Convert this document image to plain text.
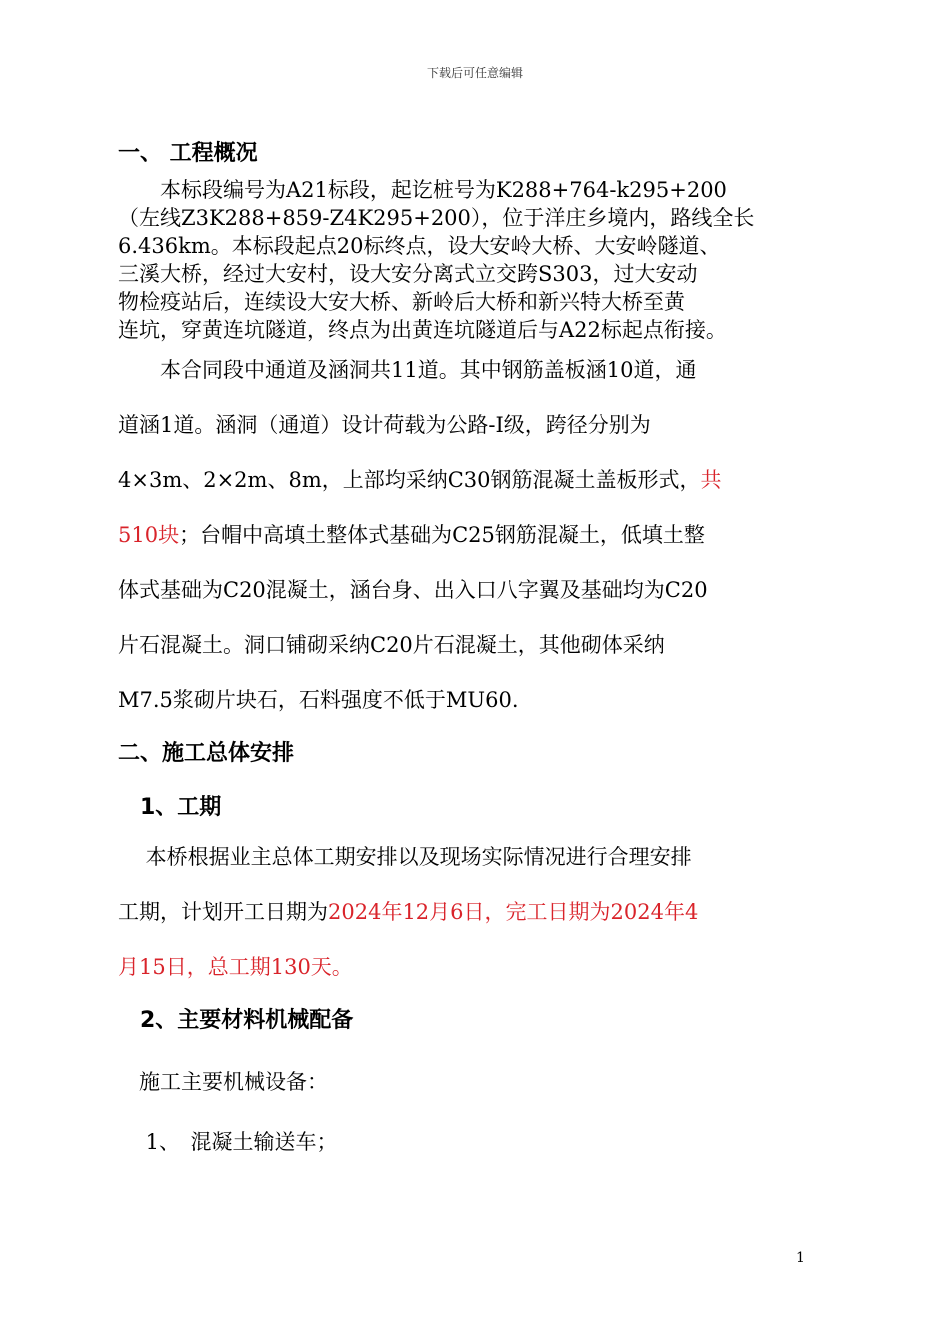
下载后可任意编辑
一、 工程概况
　　本标段编号为A21标段，起讫桩号为K288+764-k295+200
（左线Z3K288+859-Z4K295+200），位于洋庄乡境内，路线全长
6.436km。本标段起点20标终点，设大安岭大桥、大安岭隧道、
三溪大桥，经过大安村，设大安分离式立交跨S303，过大安动
物检疫站后，连续设大安大桥、新岭后大桥和新兴特大桥至黄
连坑，穿黄连坑隧道，终点为出黄连坑隧道后与A22标起点衔接。
　　本合同段中通道及涵洞共11道。其中钢筋盖板涵10道，通
道涵1道。涵洞（通道）设计荷载为公路-Ⅰ级，跨径分别为
4×3m、2×2m、8m，上部均采纳C30钢筋混凝土盖板形式，共
510块；台帽中高填土整体式基础为C25钢筋混凝土，低填土整
体式基础为C20混凝土，涵台身、出入口八字翼及基础均为C20
片石混凝土。洞口铺砌采纳C20片石混凝土，其他砌体采纳
M7.5浆砌片块石，石料强度不低于MU60.
二、施工总体安排
　1、工期
　 本桥根据业主总体工期安排以及现场实际情况进行合理安排
工期，计划开工日期为2024年12月6日，完工日期为2024年4
月15日，总工期130天。
　2、主要材料机械配备
　施工主要机械设备：
　 1、　混凝土输送车；
1
